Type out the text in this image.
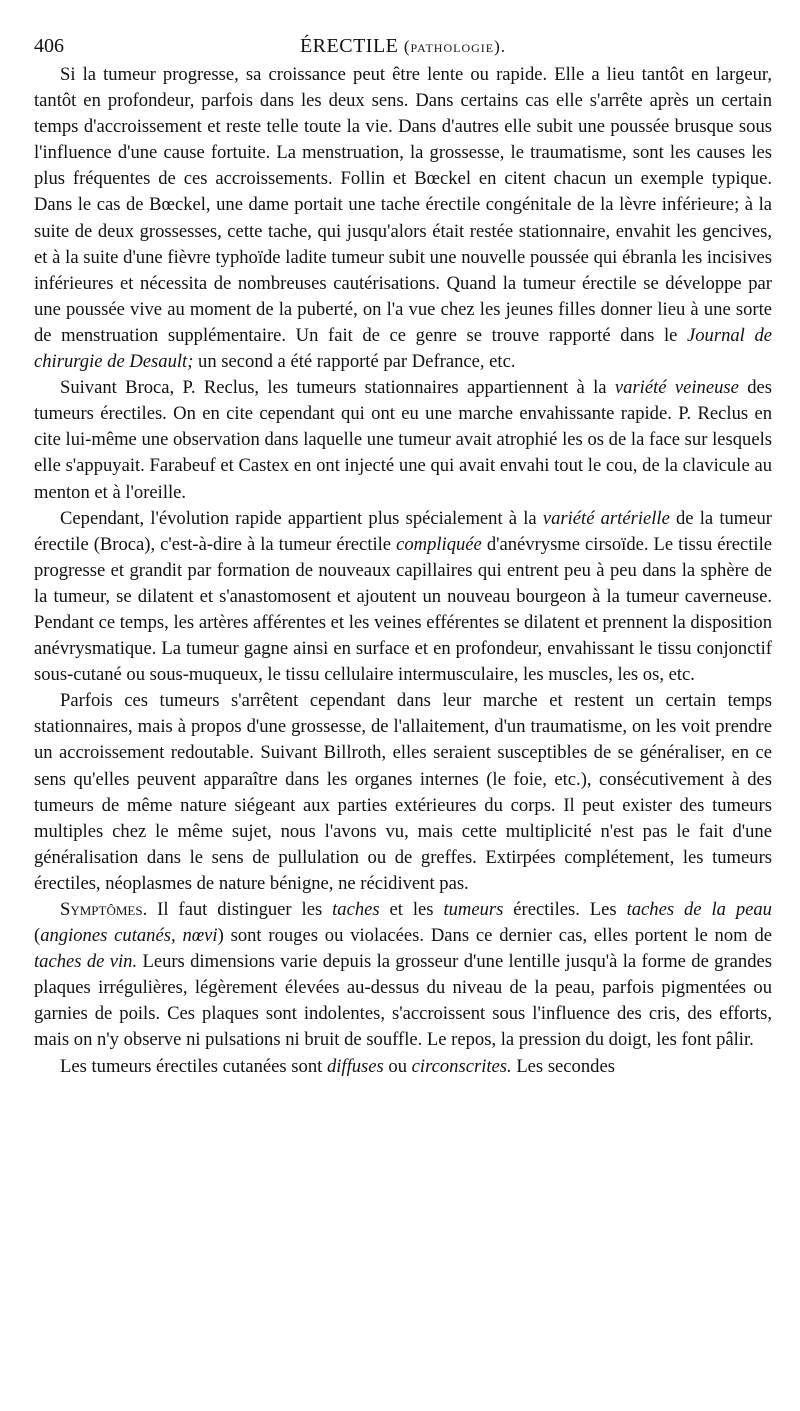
406	ÉRECTILE (pathologie).

Si la tumeur progresse, sa croissance peut être lente ou rapide. Elle a lieu tantôt en largeur, tantôt en profondeur, parfois dans les deux sens. Dans certains cas elle s'arrête après un certain temps d'accroissement et reste telle toute la vie. Dans d'autres elle subit une poussée brusque sous l'influence d'une cause fortuite. La menstruation, la grossesse, le traumatisme, sont les causes les plus fréquentes de ces accroissements. Follin et Bœckel en citent chacun un exemple typique. Dans le cas de Bœckel, une dame portait une tache érectile congénitale de la lèvre inférieure; à la suite de deux grossesses, cette tache, qui jusqu'alors était restée stationnaire, envahit les gencives, et à la suite d'une fièvre typhoïde ladite tumeur subit une nouvelle poussée qui ébranla les incisives inférieures et nécessita de nombreuses cautérisations. Quand la tumeur érectile se développe par une poussée vive au moment de la puberté, on l'a vue chez les jeunes filles donner lieu à une sorte de menstruation supplémentaire. Un fait de ce genre se trouve rapporté dans le Journal de chirurgie de Desault; un second a été rapporté par Defrance, etc.

Suivant Broca, P. Reclus, les tumeurs stationnaires appartiennent à la variété veineuse des tumeurs érectiles. On en cite cependant qui ont eu une marche envahissante rapide. P. Reclus en cite lui-même une observation dans laquelle une tumeur avait atrophié les os de la face sur lesquels elle s'appuyait. Farabeuf et Castex en ont injecté une qui avait envahi tout le cou, de la clavicule au menton et à l'oreille.

Cependant, l'évolution rapide appartient plus spécialement à la variété artérielle de la tumeur érectile (Broca), c'est-à-dire à la tumeur érectile compliquée d'anévrysme cirsoïde. Le tissu érectile progresse et grandit par formation de nouveaux capillaires qui entrent peu à peu dans la sphère de la tumeur, se dilatent et s'anastomosent et ajoutent un nouveau bourgeon à la tumeur caverneuse. Pendant ce temps, les artères afférentes et les veines efférentes se dilatent et prennent la disposition anévrysmatique. La tumeur gagne ainsi en surface et en profondeur, envahissant le tissu conjonctif sous-cutané ou sous-muqueux, le tissu cellulaire intermusculaire, les muscles, les os, etc.

Parfois ces tumeurs s'arrêtent cependant dans leur marche et restent un certain temps stationnaires, mais à propos d'une grossesse, de l'allaitement, d'un traumatisme, on les voit prendre un accroissement redoutable. Suivant Billroth, elles seraient susceptibles de se généraliser, en ce sens qu'elles peuvent apparaître dans les organes internes (le foie, etc.), consécutivement à des tumeurs de même nature siégeant aux parties extérieures du corps. Il peut exister des tumeurs multiples chez le même sujet, nous l'avons vu, mais cette multiplicité n'est pas le fait d'une généralisation dans le sens de pullulation ou de greffes. Extirpées complétement, les tumeurs érectiles, néoplasmes de nature bénigne, ne récidivent pas.

Symptômes. Il faut distinguer les taches et les tumeurs érectiles. Les taches de la peau (angiones cutanés, nœvi) sont rouges ou violacées. Dans ce dernier cas, elles portent le nom de taches de vin. Leurs dimensions varie depuis la grosseur d'une lentille jusqu'à la forme de grandes plaques irrégulières, légèrement élevées au-dessus du niveau de la peau, parfois pigmentées ou garnies de poils. Ces plaques sont indolentes, s'accroissent sous l'influence des cris, des efforts, mais on n'y observe ni pulsations ni bruit de souffle. Le repos, la pression du doigt, les font pâlir.

Les tumeurs érectiles cutanées sont diffuses ou circonscrites. Les secondes
